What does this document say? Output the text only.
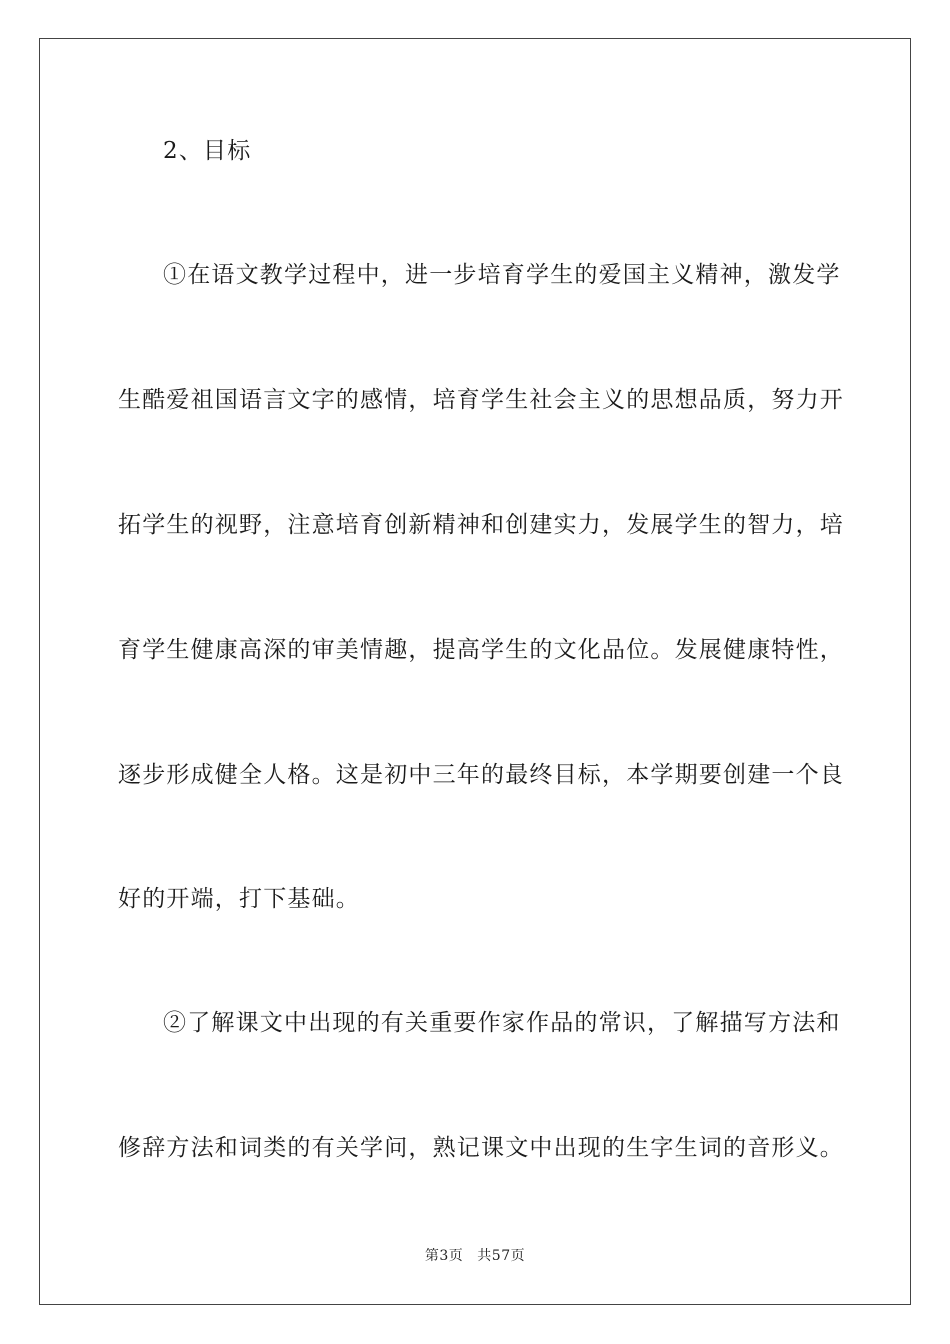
2、目标
①在语文教学过程中，进一步培育学生的爱国主义精神，激发学
生酷爱祖国语言文字的感情，培育学生社会主义的思想品质，努力开
拓学生的视野，注意培育创新精神和创建实力，发展学生的智力，培
育学生健康高深的审美情趣，提高学生的文化品位。发展健康特性，
逐步形成健全人格。这是初中三年的最终目标，本学期要创建一个良
好的开端，打下基础。
②了解课文中出现的有关重要作家作品的常识，了解描写方法和
修辞方法和词类的有关学问，熟记课文中出现的生字生词的音形义。
第3页 共57页
